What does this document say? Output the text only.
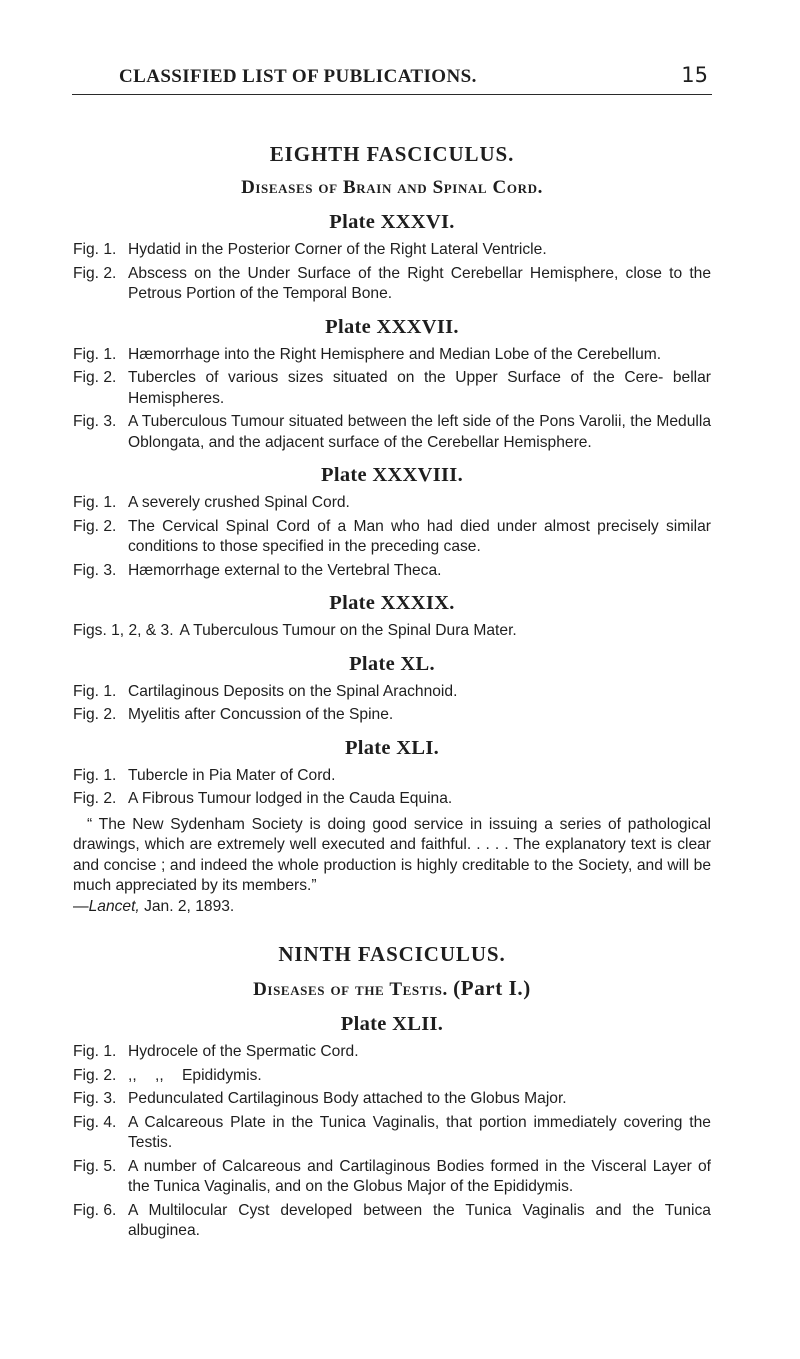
CLASSIFIED LIST OF PUBLICATIONS.	15
EIGHTH FASCICULUS.
Diseases of Brain and Spinal Cord.
Plate XXXVI.
Fig. 1. Hydatid in the Posterior Corner of the Right Lateral Ventricle.
Fig. 2. Abscess on the Under Surface of the Right Cerebellar Hemisphere, close to the Petrous Portion of the Temporal Bone.
Plate XXXVII.
Fig. 1. Hæmorrhage into the Right Hemisphere and Median Lobe of the Cerebellum.
Fig. 2. Tubercles of various sizes situated on the Upper Surface of the Cere- bellar Hemispheres.
Fig. 3. A Tuberculous Tumour situated between the left side of the Pons Varolii, the Medulla Oblongata, and the adjacent surface of the Cerebellar Hemisphere.
Plate XXXVIII.
Fig. 1. A severely crushed Spinal Cord.
Fig. 2. The Cervical Spinal Cord of a Man who had died under almost precisely similar conditions to those specified in the preceding case.
Fig. 3. Hæmorrhage external to the Vertebral Theca.
Plate XXXIX.
Figs. 1, 2, & 3. A Tuberculous Tumour on the Spinal Dura Mater.
Plate XL.
Fig. 1. Cartilaginous Deposits on the Spinal Arachnoid.
Fig. 2. Myelitis after Concussion of the Spine.
Plate XLI.
Fig. 1. Tubercle in Pia Mater of Cord.
Fig. 2. A Fibrous Tumour lodged in the Cauda Equina.

“ The New Sydenham Society is doing good service in issuing a series of pathological drawings, which are extremely well executed and faithful. . . . . The explanatory text is clear and concise ; and indeed the whole production is highly creditable to the Society, and will be much appreciated by its members.”
—Lancet, Jan. 2, 1893.

NINTH FASCICULUS.
Diseases of the Testis. (Part I.)
Plate XLII.
Fig. 1. Hydrocele of the Spermatic Cord.
Fig. 2. ,, ,, Epididymis.
Fig. 3. Pedunculated Cartilaginous Body attached to the Globus Major.
Fig. 4. A Calcareous Plate in the Tunica Vaginalis, that portion immediately covering the Testis.
Fig. 5. A number of Calcareous and Cartilaginous Bodies formed in the Visceral Layer of the Tunica Vaginalis, and on the Globus Major of the Epididymis.
Fig. 6. A Multilocular Cyst developed between the Tunica Vaginalis and the Tunica albuginea.
